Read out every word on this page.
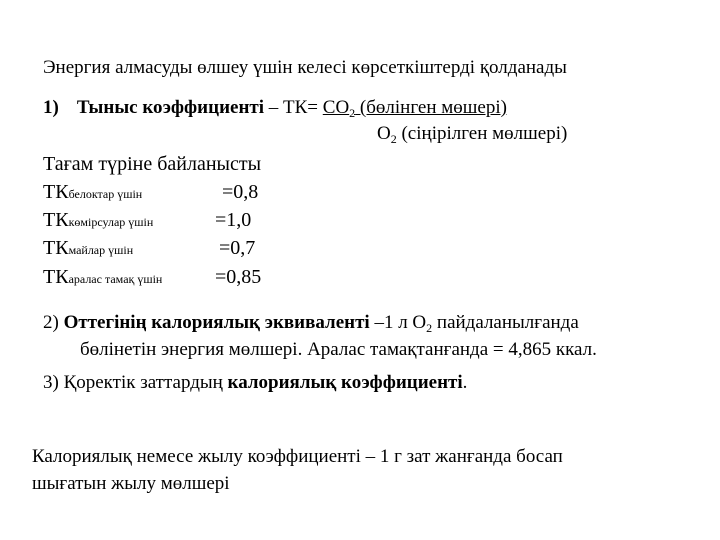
Энергия алмасуды өлшеу үшін келесі көрсеткіштерді қолданады
1) Тыныс коэффициенті – $ТК= CO_2$ (бөлінген мөшері)
$O_2$ (сіңірілген мөлшері)
Тағам түріне байланысты
ТКбелоктар үшін	=0,8
ТКкөмірсулар үшін	=1,0
ТКмайлар үшін	=0,7
ТКаралас тамақ үшін	=0,85
2) Оттегінің калориялық эквиваленті –1 л $O_2$ пайдаланылғанда
бөлінетін энергия мөлшері. Аралас тамақтанғанда = 4,865 ккал.
3) Қоректік заттардың калориялық коэффициенті.
Калориялық немесе жылу коэффициенті – 1 г зат жанғанда босап
шығатын жылу мөлшері
